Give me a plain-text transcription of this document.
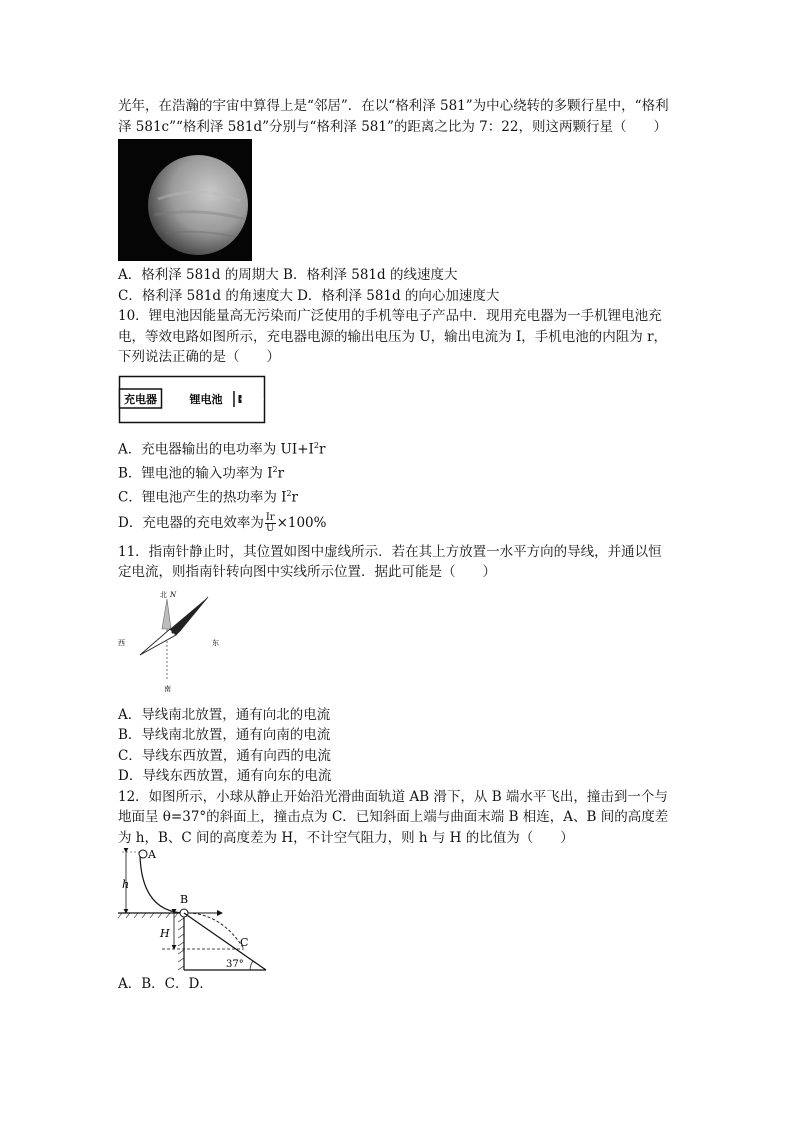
光年，在浩瀚的宇宙中算得上是“邻居”．在以“格利泽 581”为中心绕转的多颗行星中，“格利
泽 581c”“格利泽 581d”分别与“格利泽 581”的距离之比为 7：22，则这两颗行星（　　）
A．格利泽 581d 的周期大 B．格利泽 581d 的线速度大
C．格利泽 581d 的角速度大 D．格利泽 581d 的向心加速度大
10．锂电池因能量高无污染而广泛使用的手机等电子产品中．现用充电器为一手机锂电池充
电，等效电路如图所示，充电器电源的输出电压为 U，输出电流为 I，手机电池的内阻为 r，
下列说法正确的是（　　）
充电器	锂电池
A．充电器输出的电功率为 $UI+I^2r$
B．锂电池的输入功率为 $I^2r$
C．锂电池产生的热功率为 $I^2r$
D．充电器的充电效率为 $\frac{Ir}{U} \times 100\%$
11．指南针静止时，其位置如图中虚线所示．若在其上方放置一水平方向的导线，并通以恒
定电流，则指南针转向图中实线所示位置．据此可能是（　　）
北 N
西	东
南
A．导线南北放置，通有向北的电流
B．导线南北放置，通有向南的电流
C．导线东西放置，通有向西的电流
D．导线东西放置，通有向东的电流
12．如图所示，小球从静止开始沿光滑曲面轨道 AB 滑下，从 B 端水平飞出，撞击到一个与
地面呈 θ=37°的斜面上，撞击点为 C．已知斜面上端与曲面末端 B 相连，A、B 间的高度差
为 h，B、C 间的高度差为 H，不计空气阻力，则 h 与 H 的比值为（　　）
h
A
B
H
C
37°
A．B．C．D．
